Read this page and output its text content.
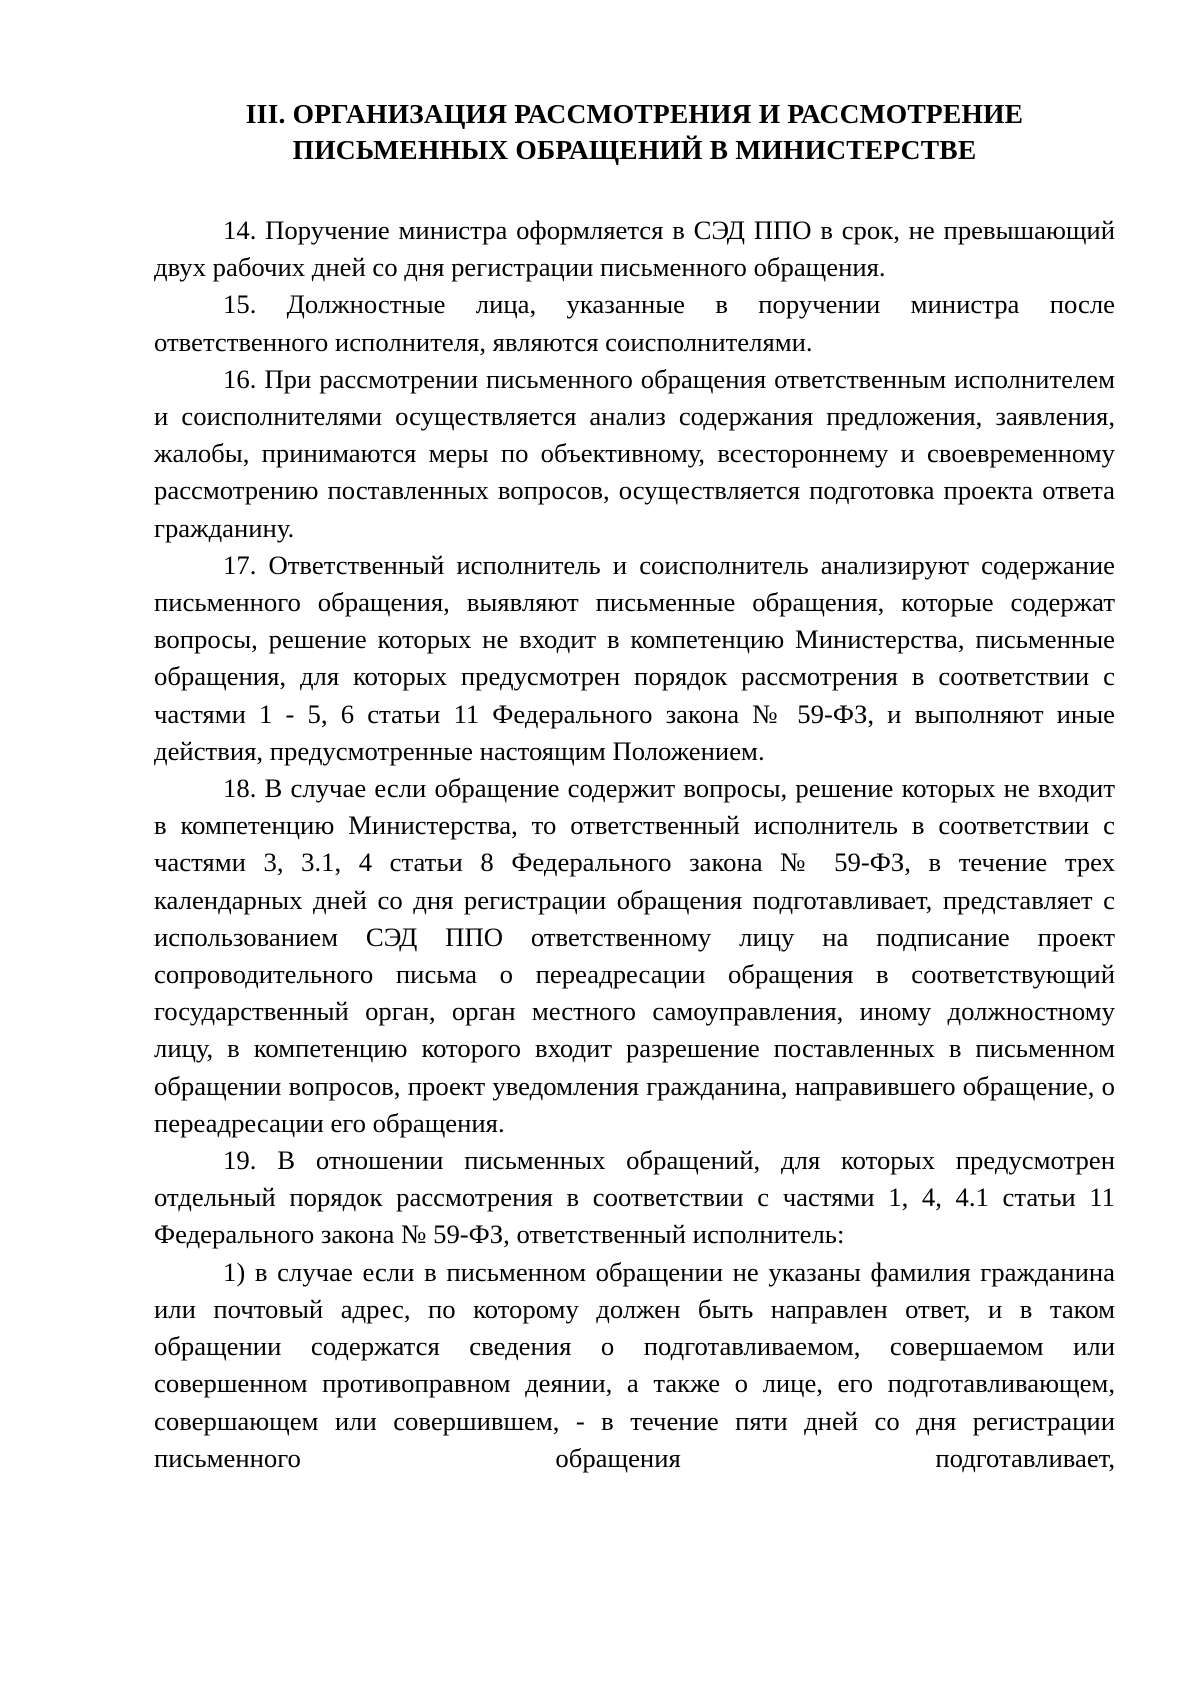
III. ОРГАНИЗАЦИЯ РАССМОТРЕНИЯ И РАССМОТРЕНИЕ
ПИСЬМЕННЫХ ОБРАЩЕНИЙ В МИНИСТЕРСТВЕ

14. Поручение министра оформляется в СЭД ППО в срок, не превышающий двух рабочих дней со дня регистрации письменного обращения.

15. Должностные лица, указанные в поручении министра после ответственного исполнителя, являются соисполнителями.

16. При рассмотрении письменного обращения ответственным исполнителем и соисполнителями осуществляется анализ содержания предложения, заявления, жалобы, принимаются меры по объективному, всестороннему и своевременному рассмотрению поставленных вопросов, осуществляется подготовка проекта ответа гражданину.

17. Ответственный исполнитель и соисполнитель анализируют содержание письменного обращения, выявляют письменные обращения, которые содержат вопросы, решение которых не входит в компетенцию Министерства, письменные обращения, для которых предусмотрен порядок рассмотрения в соответствии с частями 1 - 5, 6 статьи 11 Федерального закона № 59-ФЗ, и выполняют иные действия, предусмотренные настоящим Положением.

18. В случае если обращение содержит вопросы, решение которых не входит в компетенцию Министерства, то ответственный исполнитель в соответствии с частями 3, 3.1, 4 статьи 8 Федерального закона № 59-ФЗ, в течение трех календарных дней со дня регистрации обращения подготавливает, представляет с использованием СЭД ППО ответственному лицу на подписание проект сопроводительного письма о переадресации обращения в соответствующий государственный орган, орган местного самоуправления, иному должностному лицу, в компетенцию которого входит разрешение поставленных в письменном обращении вопросов, проект уведомления гражданина, направившего обращение, о переадресации его обращения.

19. В отношении письменных обращений, для которых предусмотрен отдельный порядок рассмотрения в соответствии с частями 1, 4, 4.1 статьи 11 Федерального закона № 59-ФЗ, ответственный исполнитель:

1) в случае если в письменном обращении не указаны фамилия гражданина или почтовый адрес, по которому должен быть направлен ответ, и в таком обращении содержатся сведения о подготавливаемом, совершаемом или совершенном противоправном деянии, а также о лице, его подготавливающем, совершающем или совершившем, - в течение пяти дней со дня регистрации письменного обращения подготавливает,
